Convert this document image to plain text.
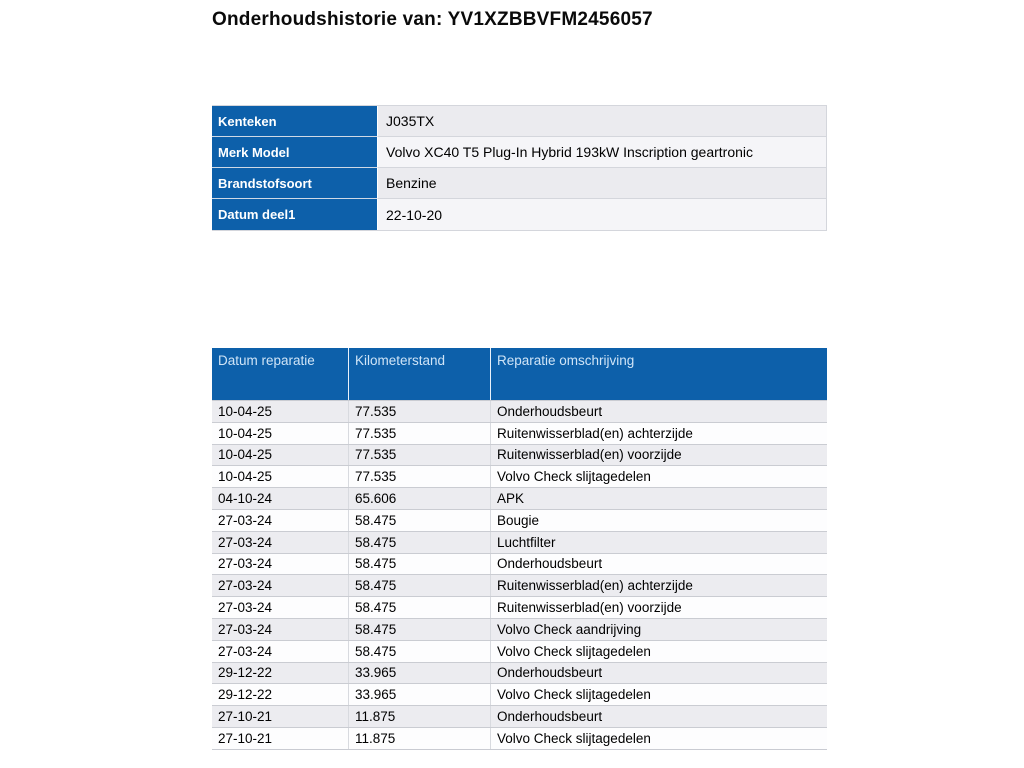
Onderhoudshistorie van: YV1XZBBVFM2456057
Kenteken	J035TX
Merk Model	Volvo XC40 T5 Plug-In Hybrid 193kW Inscription geartronic
Brandstofsoort	Benzine
Datum deel1	22-10-20
Datum reparatie	Kilometerstand	Reparatie omschrijving
10-04-25	77.535	Onderhoudsbeurt
10-04-25	77.535	Ruitenwisserblad(en) achterzijde
10-04-25	77.535	Ruitenwisserblad(en) voorzijde
10-04-25	77.535	Volvo Check slijtagedelen
04-10-24	65.606	APK
27-03-24	58.475	Bougie
27-03-24	58.475	Luchtfilter
27-03-24	58.475	Onderhoudsbeurt
27-03-24	58.475	Ruitenwisserblad(en) achterzijde
27-03-24	58.475	Ruitenwisserblad(en) voorzijde
27-03-24	58.475	Volvo Check aandrijving
27-03-24	58.475	Volvo Check slijtagedelen
29-12-22	33.965	Onderhoudsbeurt
29-12-22	33.965	Volvo Check slijtagedelen
27-10-21	11.875	Onderhoudsbeurt
27-10-21	11.875	Volvo Check slijtagedelen
